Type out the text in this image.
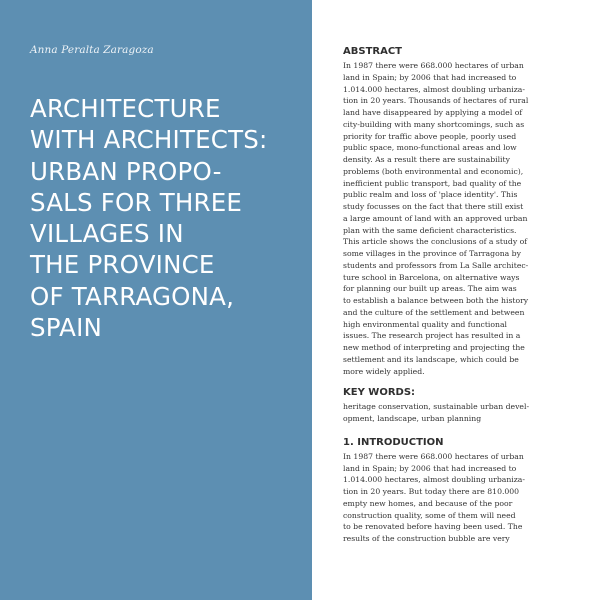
Anna Peralta Zaragoza
ARCHITECTURE
WITH ARCHITECTS:
URBAN PROPO-
SALS FOR THREE
VILLAGES IN
THE PROVINCE
OF TARRAGONA,
SPAIN
ABSTRACT

In 1987 there were 668.000 hectares of urban
land in Spain; by 2006 that had increased to
1.014.000 hectares, almost doubling urbaniza-
tion in 20 years. Thousands of hectares of rural
land have disappeared by applying a model of
city-building with many shortcomings, such as
priority for traffic above people, poorly used
public space, mono-functional areas and low
density. As a result there are sustainability
problems (both environmental and economic),
inefficient public transport, bad quality of the
public realm and loss of 'place identity'. This
study focusses on the fact that there still exist
a large amount of land with an approved urban
plan with the same deficient characteristics.
This article shows the conclusions of a study of
some villages in the province of Tarragona by
students and professors from La Salle architec-
ture school in Barcelona, on alternative ways
for planning our built up areas. The aim was
to establish a balance between both the history
and the culture of the settlement and between
high environmental quality and functional
issues. The research project has resulted in a
new method of interpreting and projecting the
settlement and its landscape, which could be
more widely applied.

KEY WORDS:

heritage conservation, sustainable urban devel-
opment, landscape, urban planning

1. INTRODUCTION

In 1987 there were 668.000 hectares of urban
land in Spain; by 2006 that had increased to
1.014.000 hectares, almost doubling urbaniza-
tion in 20 years. But today there are 810.000
empty new homes, and because of the poor
construction quality, some of them will need
to be renovated before having been used. The
results of the construction bubble are very
